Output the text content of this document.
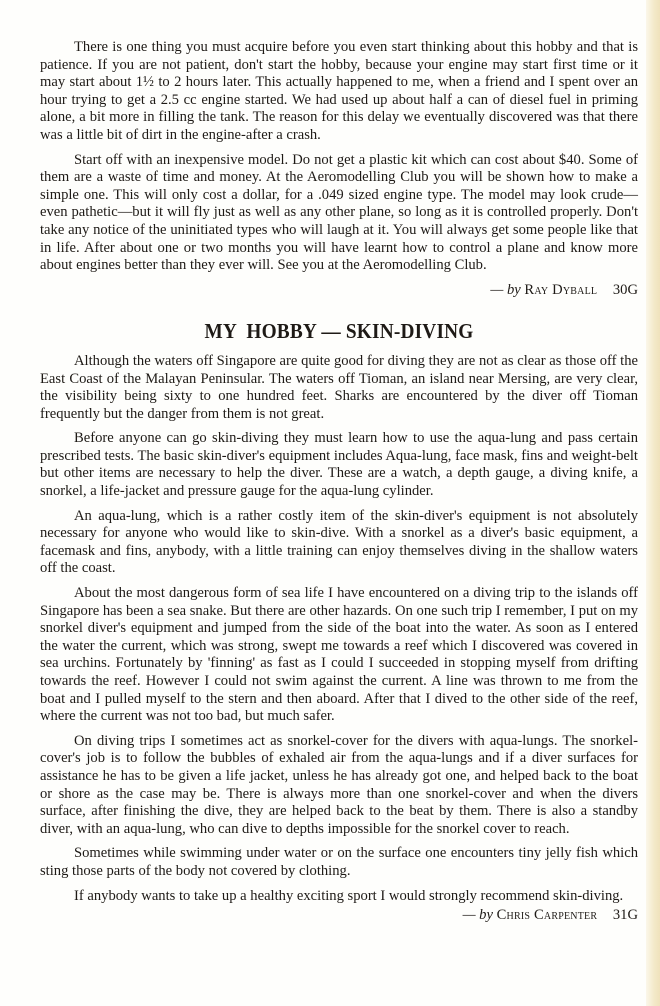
There is one thing you must acquire before you even start thinking about this hobby and that is patience. If you are not patient, don't start the hobby, because your engine may start first time or it may start about 1½ to 2 hours later. This actually happened to me, when a friend and I spent over an hour trying to get a 2.5 cc engine started. We had used up about half a can of diesel fuel in priming alone, a bit more in filling the tank. The reason for this delay we eventually discovered was that there was a little bit of dirt in the engine-after a crash.

Start off with an inexpensive model. Do not get a plastic kit which can cost about $40. Some of them are a waste of time and money. At the Aeromodelling Club you will be shown how to make a simple one. This will only cost a dollar, for a .049 sized engine type. The model may look crude—even pathetic—but it will fly just as well as any other plane, so long as it is controlled properly. Don't take any notice of the uninitiated types who will laugh at it. You will always get some people like that in life. After about one or two months you will have learnt how to control a plane and know more about engines better than they ever will. See you at the Aeromodelling Club.

— by Ray Dyball 30G
MY  HOBBY — SKIN-DIVING

Although the waters off Singapore are quite good for diving they are not as clear as those off the East Coast of the Malayan Peninsular. The waters off Tioman, an island near Mersing, are very clear, the visibility being sixty to one hundred feet. Sharks are encountered by the diver off Tioman frequently but the danger from them is not great.

Before anyone can go skin-diving they must learn how to use the aqua-lung and pass certain prescribed tests. The basic skin-diver's equipment includes Aqua-lung, face mask, fins and weight-belt but other items are necessary to help the diver. These are a watch, a depth gauge, a diving knife, a snorkel, a life-jacket and pressure gauge for the aqua-lung cylinder.

An aqua-lung, which is a rather costly item of the skin-diver's equipment is not absolutely necessary for anyone who would like to skin-dive. With a snorkel as a diver's basic equipment, a facemask and fins, anybody, with a little training can enjoy themselves diving in the shallow waters off the coast.

About the most dangerous form of sea life I have encountered on a diving trip to the islands off Singapore has been a sea snake. But there are other hazards. On one such trip I remember, I put on my snorkel diver's equipment and jumped from the side of the boat into the water. As soon as I entered the water the current, which was strong, swept me towards a reef which I discovered was covered in sea urchins. Fortunately by 'finning' as fast as I could I succeeded in stopping myself from drifting towards the reef. However I could not swim against the current. A line was thrown to me from the boat and I pulled myself to the stern and then aboard. After that I dived to the other side of the reef, where the current was not too bad, but much safer.

On diving trips I sometimes act as snorkel-cover for the divers with aqua-lungs. The snorkel-cover's job is to follow the bubbles of exhaled air from the aqua-lungs and if a diver surfaces for assistance he has to be given a life jacket, unless he has already got one, and helped back to the boat or shore as the case may be. There is always more than one snorkel-cover and when the divers surface, after finishing the dive, they are helped back to the beat by them. There is also a standby diver, with an aqua-lung, who can dive to depths impossible for the snorkel cover to reach.

Sometimes while swimming under water or on the surface one encounters tiny jelly fish which sting those parts of the body not covered by clothing.

If anybody wants to take up a healthy exciting sport I would strongly recommend skin-diving.

— by Chris Carpenter 31G
